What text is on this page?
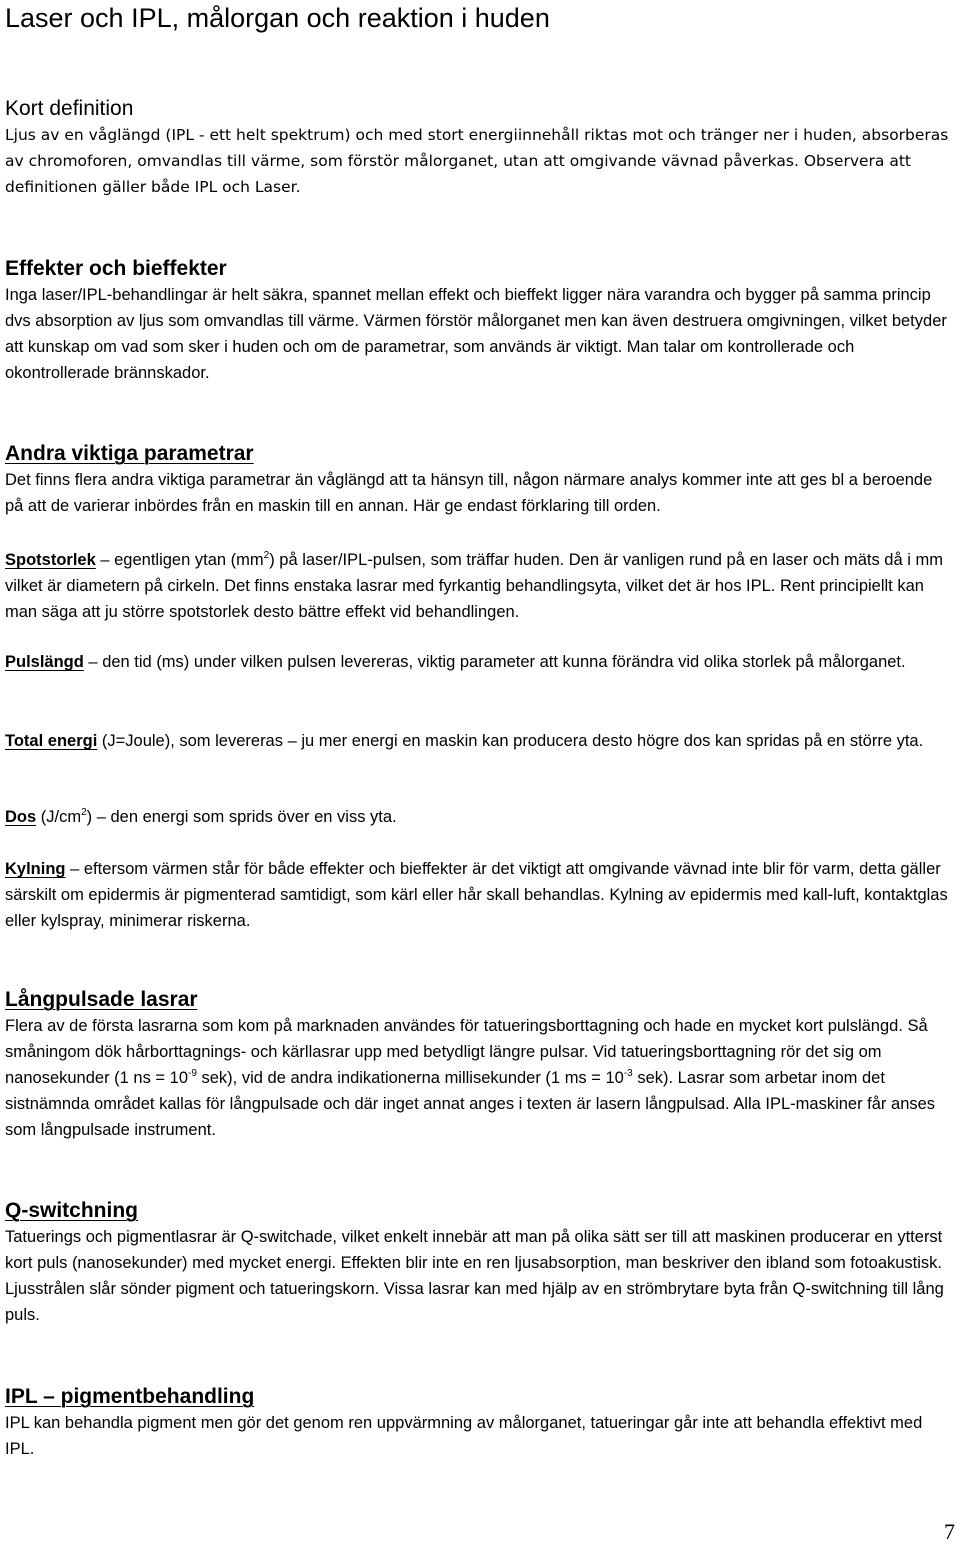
Laser och IPL, målorgan och reaktion i huden
Kort definition

Ljus av en våglängd (IPL - ett helt spektrum) och med stort energiinnehåll riktas mot och tränger ner i huden, absorberas av chromoforen, omvandlas till värme, som förstör målorganet, utan att omgivande vävnad påverkas. Observera att definitionen gäller både IPL och Laser.

Effekter och bieffekter

Inga laser/IPL-behandlingar är helt säkra, spannet mellan effekt och bieffekt ligger nära varandra och bygger på samma princip dvs absorption av ljus som omvandlas till värme. Värmen förstör målorganet men kan även destruera omgivningen, vilket betyder att kunskap om vad som sker i huden och om de parametrar, som används är viktigt. Man talar om kontrollerade och okontrollerade brännskador.

Andra viktiga parametrar

Det finns flera andra viktiga parametrar än våglängd att ta hänsyn till, någon närmare analys kommer inte att ges bl a beroende på att de varierar inbördes från en maskin till en annan. Här ge endast förklaring till orden.

Spotstorlek – egentligen ytan $(mm^2)$ på laser/IPL-pulsen, som träffar huden. Den är vanligen rund på en laser och mäts då i mm vilket är diametern på cirkeln. Det finns enstaka lasrar med fyrkantig behandlingsyta, vilket det är hos IPL. Rent principiellt kan man säga att ju större spotstorlek desto bättre effekt vid behandlingen.

Pulslängd – den tid (ms) under vilken pulsen levereras, viktig parameter att kunna förändra vid olika storlek på målorganet.

Total energi (J=Joule), som levereras – ju mer energi en maskin kan producera desto högre dos kan spridas på en större yta.

Dos $(J/cm^2)$ – den energi som sprids över en viss yta.

Kylning – eftersom värmen står för både effekter och bieffekter är det viktigt att omgivande vävnad inte blir för varm, detta gäller särskilt om epidermis är pigmenterad samtidigt, som kärl eller hår skall behandlas. Kylning av epidermis med kall-luft, kontaktglas eller kylspray, minimerar riskerna.

Långpulsade lasrar

Flera av de första lasrarna som kom på marknaden användes för tatueringsborttagning och hade en mycket kort pulslängd. Så småningom dök hårborttagnings- och kärllasrar upp med betydligt längre pulsar. Vid tatueringsborttagning rör det sig om nanosekunder (1 ns = $10^{-9}$ sek), vid de andra indikationerna millisekunder (1 ms = $10^{-3}$ sek). Lasrar som arbetar inom det sistnämnda området kallas för långpulsade och där inget annat anges i texten är lasern långpulsad. Alla IPL-maskiner får anses som långpulsade instrument.

Q-switchning

Tatuerings och pigmentlasrar är Q-switchade, vilket enkelt innebär att man på olika sätt ser till att maskinen producerar en ytterst kort puls (nanosekunder) med mycket energi. Effekten blir inte en ren ljusabsorption, man beskriver den ibland som fotoakustisk. Ljusstrålen slår sönder pigment och tatueringskorn. Vissa lasrar kan med hjälp av en strömbrytare byta från Q-switchning till lång puls.

IPL – pigmentbehandling

IPL kan behandla pigment men gör det genom ren uppvärmning av målorganet, tatueringar går inte att behandla effektivt med IPL.

7
